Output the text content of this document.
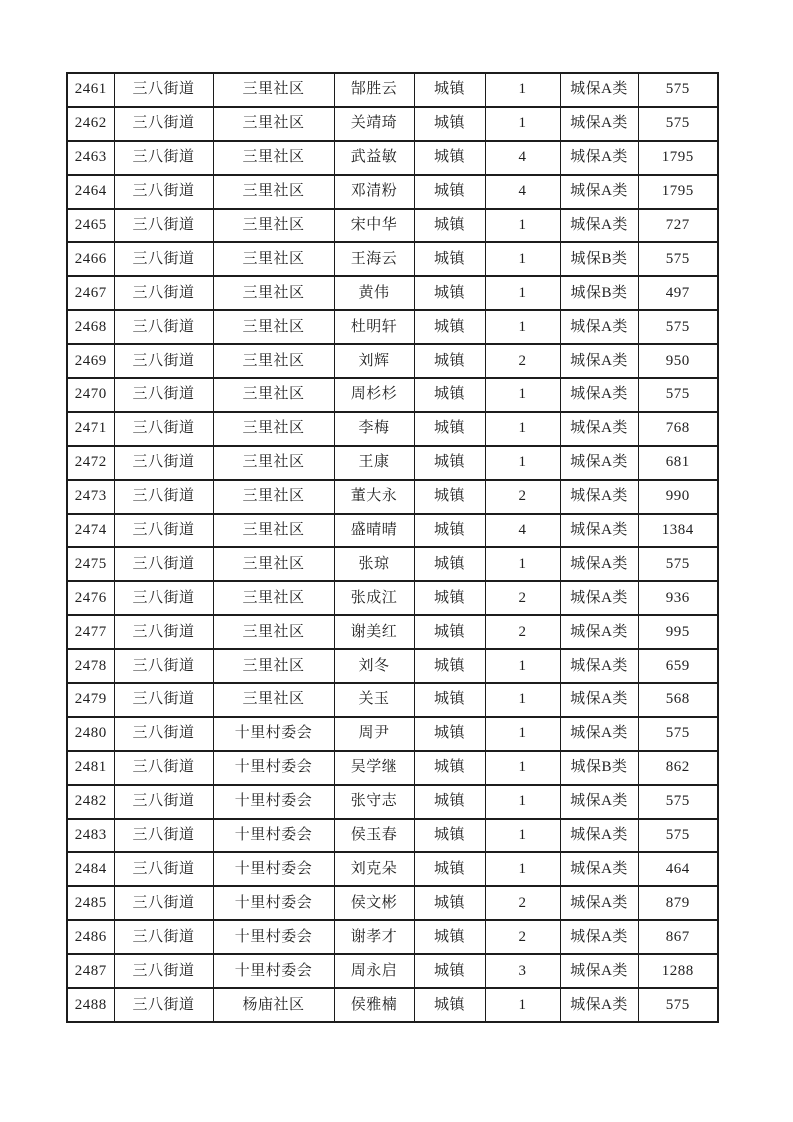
2461	三八街道	三里社区	郜胜云	城镇	1	城保A类	575
2462	三八街道	三里社区	关靖琦	城镇	1	城保A类	575
2463	三八街道	三里社区	武益敏	城镇	4	城保A类	1795
2464	三八街道	三里社区	邓清粉	城镇	4	城保A类	1795
2465	三八街道	三里社区	宋中华	城镇	1	城保A类	727
2466	三八街道	三里社区	王海云	城镇	1	城保B类	575
2467	三八街道	三里社区	黄伟	城镇	1	城保B类	497
2468	三八街道	三里社区	杜明轩	城镇	1	城保A类	575
2469	三八街道	三里社区	刘辉	城镇	2	城保A类	950
2470	三八街道	三里社区	周杉杉	城镇	1	城保A类	575
2471	三八街道	三里社区	李梅	城镇	1	城保A类	768
2472	三八街道	三里社区	王康	城镇	1	城保A类	681
2473	三八街道	三里社区	董大永	城镇	2	城保A类	990
2474	三八街道	三里社区	盛晴晴	城镇	4	城保A类	1384
2475	三八街道	三里社区	张琼	城镇	1	城保A类	575
2476	三八街道	三里社区	张成江	城镇	2	城保A类	936
2477	三八街道	三里社区	谢美红	城镇	2	城保A类	995
2478	三八街道	三里社区	刘冬	城镇	1	城保A类	659
2479	三八街道	三里社区	关玉	城镇	1	城保A类	568
2480	三八街道	十里村委会	周尹	城镇	1	城保A类	575
2481	三八街道	十里村委会	吴学继	城镇	1	城保B类	862
2482	三八街道	十里村委会	张守志	城镇	1	城保A类	575
2483	三八街道	十里村委会	侯玉春	城镇	1	城保A类	575
2484	三八街道	十里村委会	刘克朵	城镇	1	城保A类	464
2485	三八街道	十里村委会	侯文彬	城镇	2	城保A类	879
2486	三八街道	十里村委会	谢孝才	城镇	2	城保A类	867
2487	三八街道	十里村委会	周永启	城镇	3	城保A类	1288
2488	三八街道	杨庙社区	侯雅楠	城镇	1	城保A类	575
